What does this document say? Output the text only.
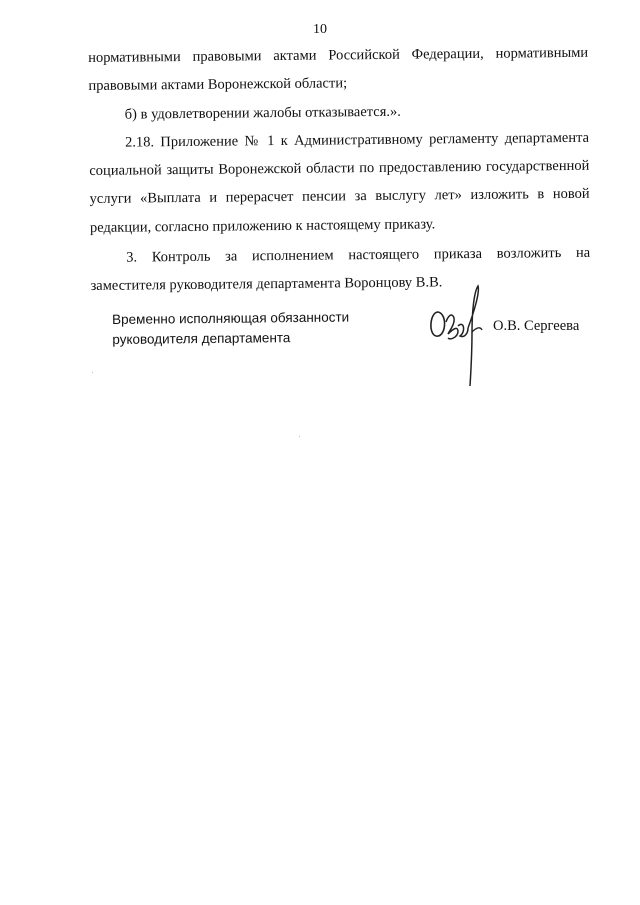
10

нормативными правовыми актами Российской Федерации, нормативными правовыми актами Воронежской области;

б) в удовлетворении жалобы отказывается.».

2.18. Приложение № 1 к Административному регламенту департамента социальной защиты Воронежской области по предоставлению государственной услуги «Выплата и перерасчет пенсии за выслугу лет» изложить в новой редакции, согласно приложению к настоящему приказу.

3. Контроль за исполнением настоящего приказа возложить на заместителя руководителя департамента Воронцову В.В.

Временно исполняющая обязанности
руководителя департамента
О.В. Сергеева
